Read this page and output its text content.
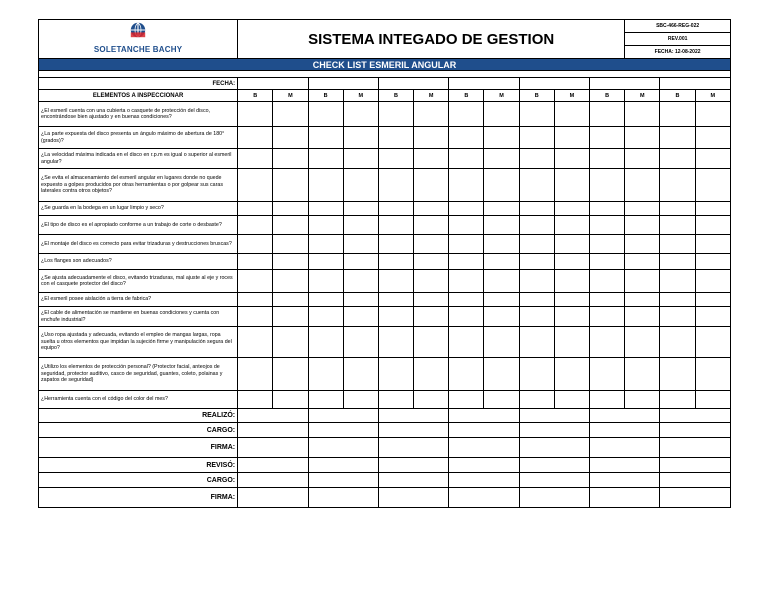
SOLETANCHE BACHY	SISTEMA INTEGADO DE GESTION											SBC-466-REG-022		
												REV.001		
												FECHA: 12-08-2022		
CHECK LIST ESMERIL ANGULAR														

FECHA:														
ELEMENTOS A INSPECCIONAR	B	M	B	M	B	M	B	M	B	M	B	M	B	M
¿El esmeril cuenta con una cubierta o casquete de protección del disco, encontrándose bien ajustado y en buenas condiciones?														
¿La parte expuesta del disco presenta un ángulo máximo de abertura de 180° (grados)?														
¿La velocidad máxima indicada en el disco en r.p.m es igual o superior al esmeril angular?														
¿Se evita el almacenamiento del esmeril angular en lugares donde no quede expuesto a golpes producidos por otras herramientas o por golpear sus caras laterales contra otros objetos?														
¿Se guarda en la bodega en un lugar limpio y seco?														
¿El tipo de disco es el apropiado conforme a un trabajo de corte o desbaste?														
¿El montaje del disco es correcto para evitar trizaduras y destrucciones bruscas?														
¿Los flanges son adecuados?														
¿Se ajusta adecuadamente el disco, evitando trizaduras, mal ajuste al eje y roces con el casquete protector del disco?														
¿El esmeril posee aislación a tierra de fabrica?														
¿El cable de alimentación se mantiene en buenas condiciones y cuenta con enchufe industrial?														
¿Uso ropa ajustada y adecuada, evitando el empleo de mangas largas, ropa suelta u otros elementos que impidan la sujeción firme y manipulación segura del equipo?														
¿Utilizo los elementos de protección personal? (Protector facial, anteojos de seguridad, protector auditivo, casco de seguridad, guantes, coleto, polainas y zapatos de seguridad)														
¿Herramienta cuenta con el código del color del mes?														
REALIZÓ:														
CARGO:														
FIRMA:														
REVISÓ:														
CARGO:														
FIRMA:														
